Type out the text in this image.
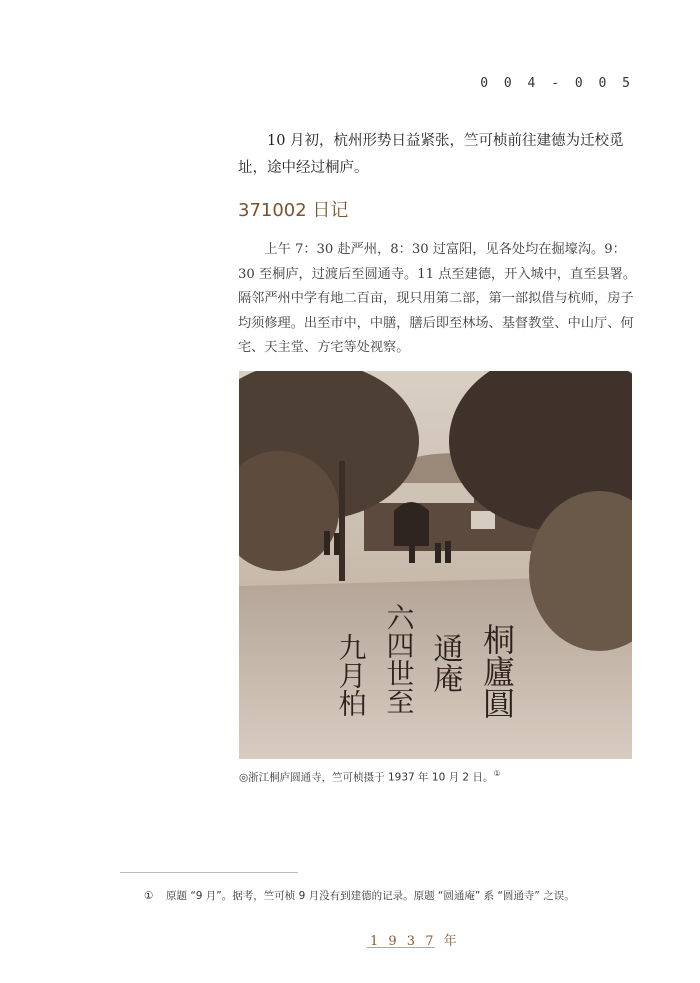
0 0 4 - 0 0 5

10 月初，杭州形势日益紧张，竺可桢前往建德为迁校觅址，途中经过桐庐。

371002 日记

上午 7：30 赴严州，8：30 过富阳，见各处均在掘壕沟。9：30 至桐庐，过渡后至圆通寺。11 点至建德，开入城中，直至县署。隔邻严州中学有地二百亩，现只用第二部，第一部拟借与杭师，房子均须修理。出至市中，中膳，膳后即至林场、基督教堂、中山厅、何宅、天主堂、方宅等处视察。

桐廬圓
通庵
六四世至
九月柏
◎浙江桐庐圆通寺，竺可桢摄于 1937 年 10 月 2 日。①
① 原题 “9 月”。据考，竺可桢 9 月没有到建德的记录。原题 “圆通庵” 系 “圆通寺” 之误。
1 9 3 7 年
